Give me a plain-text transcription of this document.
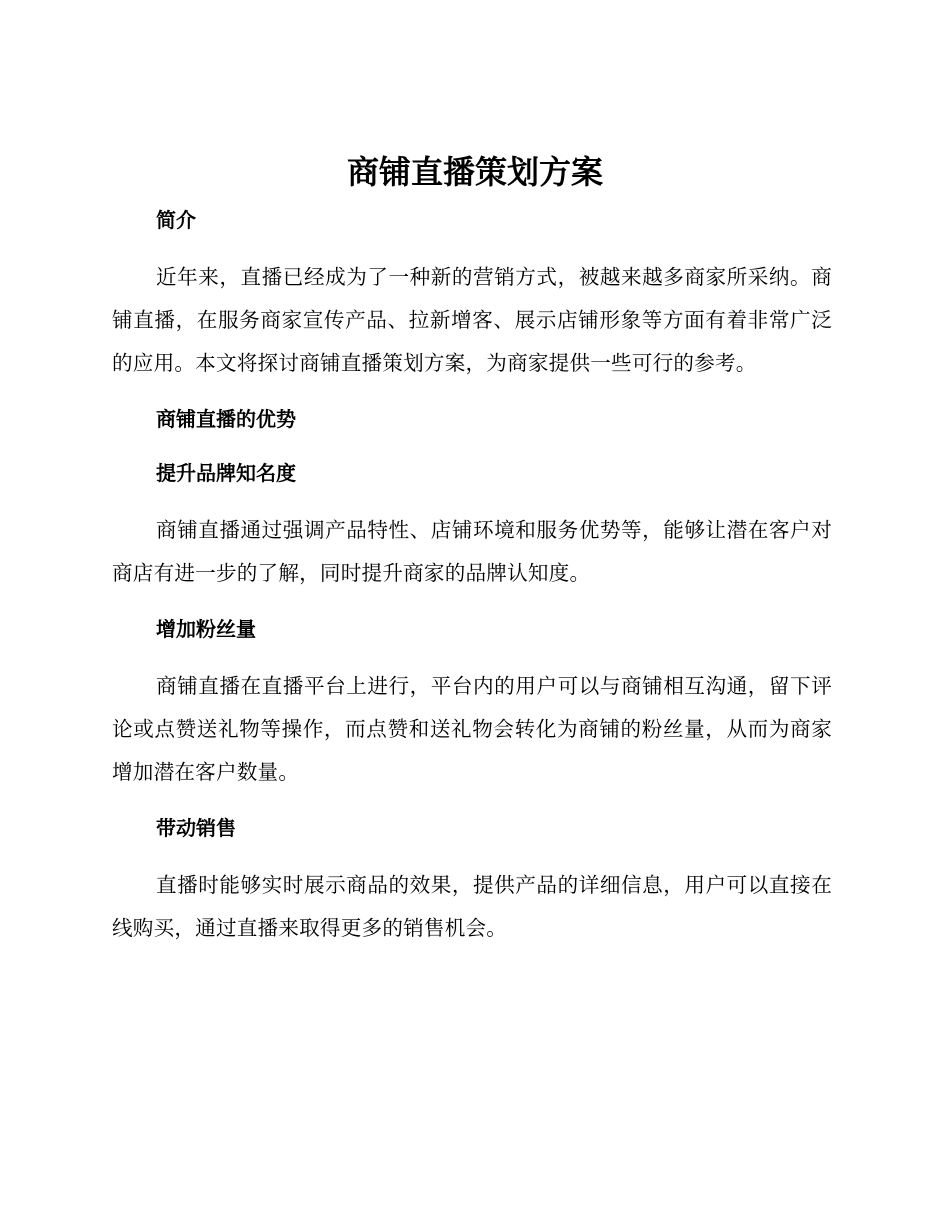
商铺直播策划方案
简介

近年来，直播已经成为了一种新的营销方式，被越来越多商家所采纳。商铺直播，在服务商家宣传产品、拉新增客、展示店铺形象等方面有着非常广泛的应用。本文将探讨商铺直播策划方案，为商家提供一些可行的参考。

商铺直播的优势
提升品牌知名度

商铺直播通过强调产品特性、店铺环境和服务优势等，能够让潜在客户对商店有进一步的了解，同时提升商家的品牌认知度。

增加粉丝量

商铺直播在直播平台上进行，平台内的用户可以与商铺相互沟通，留下评论或点赞送礼物等操作，而点赞和送礼物会转化为商铺的粉丝量，从而为商家增加潜在客户数量。

带动销售

直播时能够实时展示商品的效果，提供产品的详细信息，用户可以直接在线购买，通过直播来取得更多的销售机会。
